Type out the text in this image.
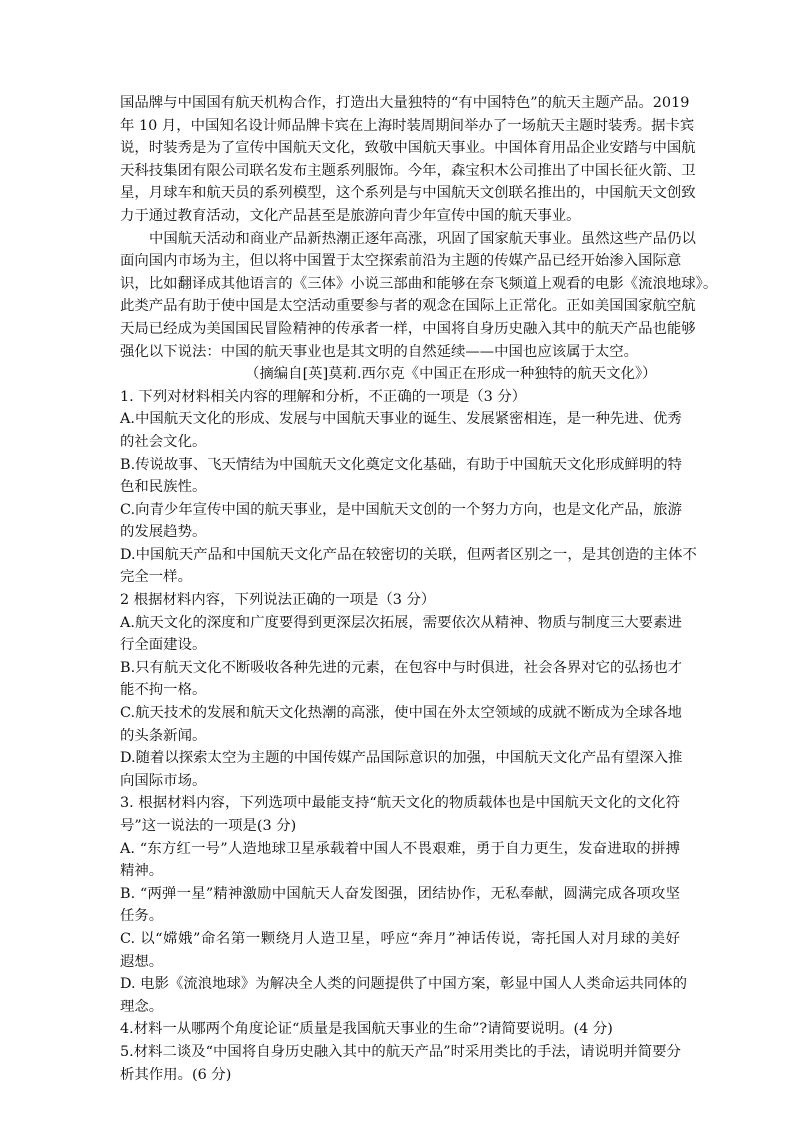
国品牌与中国国有航天机构合作，打造出大量独特的“有中国特色”的航天主题产品。2019
年 10 月，中国知名设计师品牌卡宾在上海时装周期间举办了一场航天主题时装秀。据卡宾
说，时装秀是为了宣传中国航天文化，致敬中国航天事业。中国体育用品企业安踏与中国航
天科技集团有限公司联名发布主题系列服饰。今年，森宝积木公司推出了中国长征火箭、卫
星，月球车和航天员的系列模型，这个系列是与中国航天文创联名推出的，中国航天文创致
力于通过教育活动，文化产品甚至是旅游向青少年宣传中国的航天事业。
中国航天活动和商业产品新热潮正逐年高涨，巩固了国家航天事业。虽然这些产品仍以
面向国内市场为主，但以将中国置于太空探索前沿为主题的传媒产品已经开始渗入国际意
识，比如翻译成其他语言的《三体》小说三部曲和能够在奈飞频道上观看的电影《流浪地球》。
此类产品有助于使中国是太空活动重要参与者的观念在国际上正常化。正如美国国家航空航
天局已经成为美国国民冒险精神的传承者一样，中国将自身历史融入其中的航天产品也能够
强化以下说法：中国的航天事业也是其文明的自然延续——中国也应该属于太空。
（摘编自[英]莫莉.西尔克《中国正在形成一种独特的航天文化》）
1. 下列对材料相关内容的理解和分析，不正确的一项是（3 分）
A.中国航天文化的形成、发展与中国航天事业的诞生、发展紧密相连，是一种先进、优秀
的社会文化。
B.传说故事、飞天情结为中国航天文化奠定文化基础，有助于中国航天文化形成鲜明的特
色和民族性。
C.向青少年宣传中国的航天事业，是中国航天文创的一个努力方向，也是文化产品，旅游
的发展趋势。
D.中国航天产品和中国航天文化产品在较密切的关联，但两者区别之一，是其创造的主体不
完全一样。
2 根据材料内容，下列说法正确的一项是（3 分）
A.航天文化的深度和广度要得到更深层次拓展，需要依次从精神、物质与制度三大要素进
行全面建设。
B.只有航天文化不断吸收各种先进的元素，在包容中与时俱进，社会各界对它的弘扬也才
能不拘一格。
C.航天技术的发展和航天文化热潮的高涨，使中国在外太空领域的成就不断成为全球各地
的头条新闻。
D.随着以探索太空为主题的中国传媒产品国际意识的加强，中国航天文化产品有望深入推
向国际市场。
3. 根据材料内容，下列选项中最能支持“航天文化的物质载体也是中国航天文化的文化符
号”这一说法的一项是(3 分)
A. “东方红一号”人造地球卫星承载着中国人不畏艰难，勇于自力更生，发奋进取的拼搏
精神。
B. “两弹一星”精神激励中国航天人奋发图强，团结协作，无私奉献，圆满完成各项攻坚
任务。
C. 以“嫦娥”命名第一颗绕月人造卫星，呼应“奔月”神话传说，寄托国人对月球的美好
遐想。
D. 电影《流浪地球》为解决全人类的问题提供了中国方案，彰显中国人人类命运共同体的
理念。
4.材料一从哪两个角度论证“质量是我国航天事业的生命”?请简要说明。(4 分)
5.材料二谈及“中国将自身历史融入其中的航天产品”时采用类比的手法，请说明并简要分
析其作用。(6 分)
